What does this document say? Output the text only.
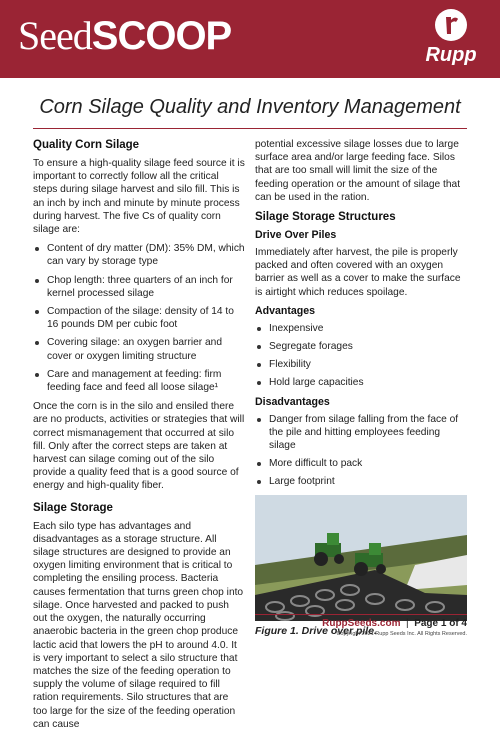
SeedSCOOP	Rupp
Corn Silage Quality and Inventory Management
Quality Corn Silage

To ensure a high-quality silage feed source it is important to correctly follow all the critical steps during silage harvest and silo fill. This is an inch by inch and minute by minute process during harvest. The five Cs of quality corn silage are:

Content of dry matter (DM): 35% DM, which can vary by storage type
Chop length: three quarters of an inch for kernel processed silage
Compaction of the silage: density of 14 to 16 pounds DM per cubic foot
Covering silage: an oxygen barrier and cover or oxygen limiting structure
Care and management at feeding: firm feeding face and feed all loose silage¹

Once the corn is in the silo and ensiled there are no products, activities or strategies that will correct mismanagement that occurred at silo fill. Only after the correct steps are taken at harvest can silage coming out of the silo provide a quality feed that is a good source of energy and high-quality fiber.

Silage Storage

Each silo type has advantages and disadvantages as a storage structure. All silage structures are designed to provide an oxygen limiting environment that is critical to completing the ensiling process. Bacteria causes fermentation that turns green chop into silage. Once harvested and packed to push out the oxygen, the naturally occurring anaerobic bacteria in the green chop produce lactic acid that lowers the pH to around 4.0. It is very important to select a silo structure that matches the size of the feeding operation to supply the volume of silage required to fill ration requirements. Silo structures that are too large for the size of the feeding operation can cause

potential excessive silage losses due to large surface area and/or large feeding face. Silos that are too small will limit the size of the feeding operation or the amount of silage that can be used in the ration.

Silage Storage Structures
Drive Over Piles

Immediately after harvest, the pile is properly packed and often covered with an oxygen barrier as well as a cover to make the surface is airtight which reduces spoilage.

Advantages
Inexpensive
Segregate forages
Flexibility
Hold large capacities
Disadvantages
Danger from silage falling from the face of the pile and hitting employees feeding silage
More difficult to pack
Large footprint
Figure 1. Drive over pile.
RuppSeeds.com  |  Page 1 of 4
Copyright 2021 Rupp Seeds Inc. All Rights Reserved.
